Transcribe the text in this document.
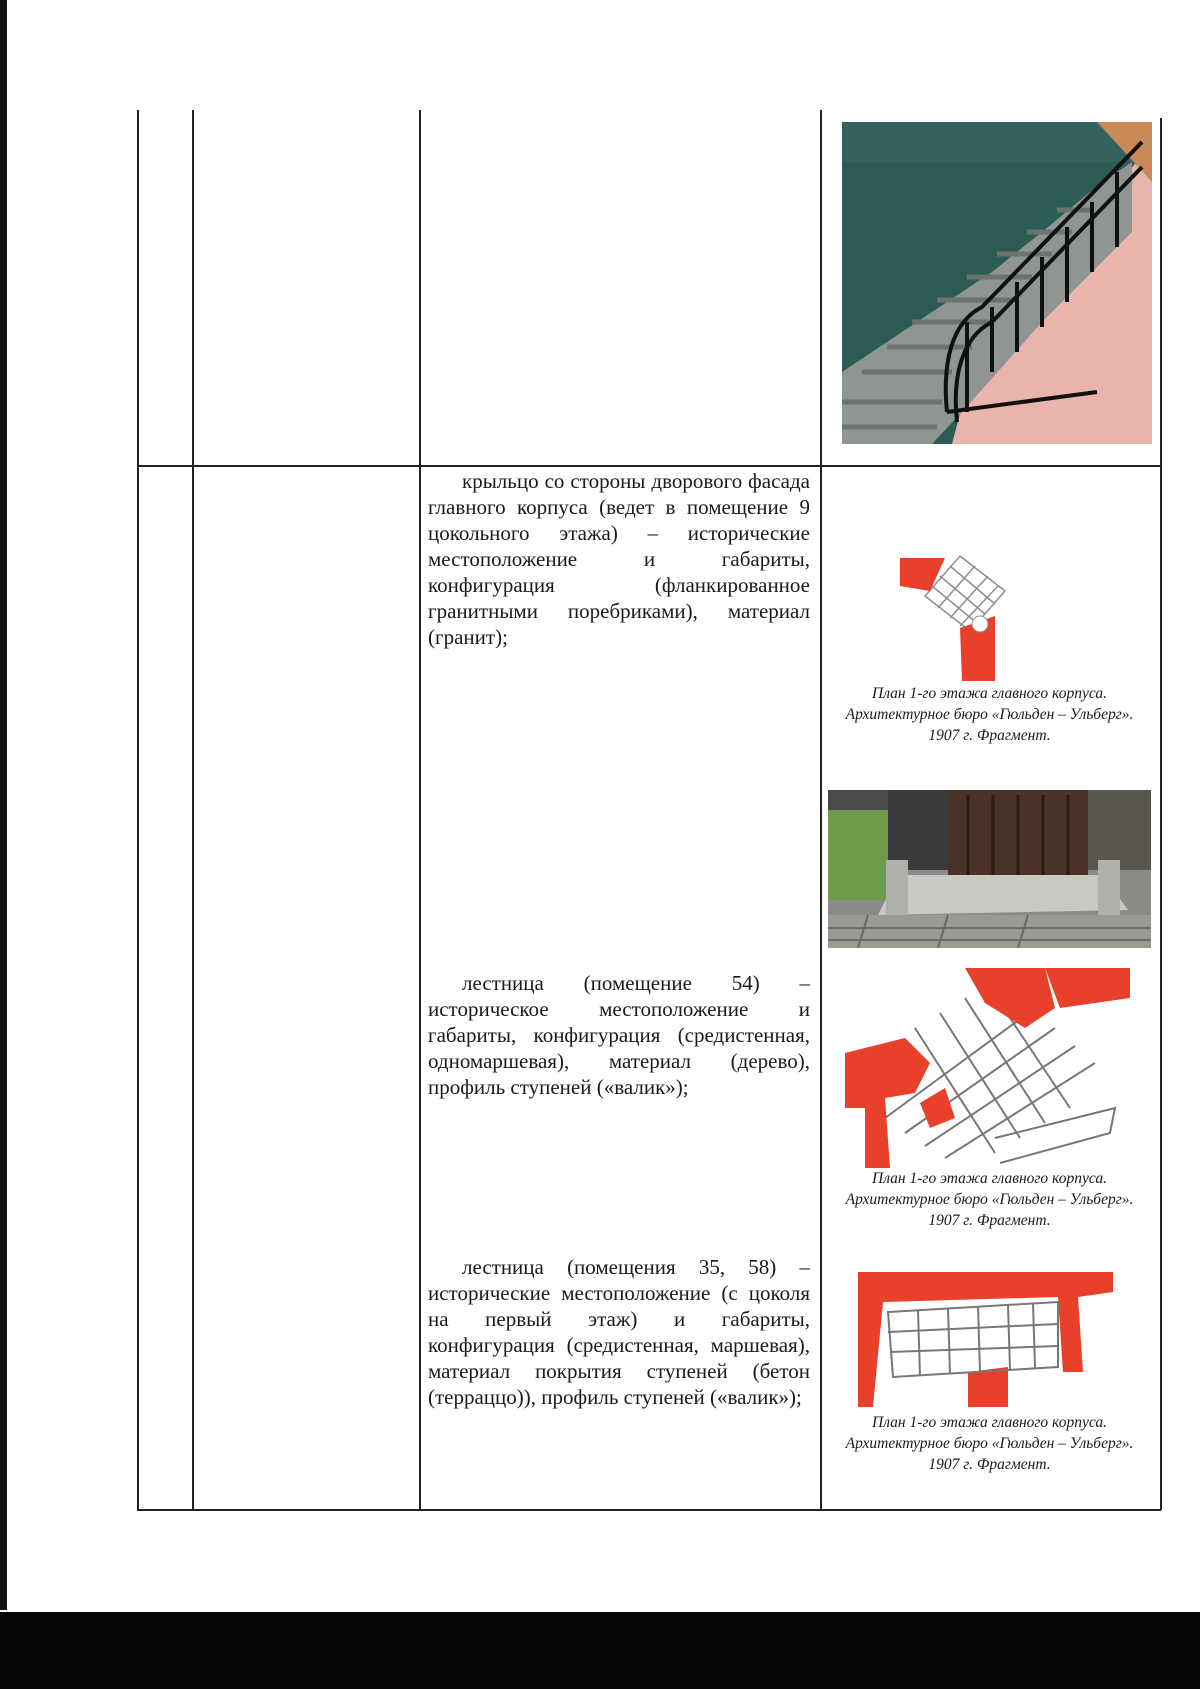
крыльцо со стороны дворового фасада главного корпуса (ведет в помещение 9 цокольного этажа) – исторические местоположение и габариты, конфигурация (фланкированное гранитными поребриками), материал (гранит);

План 1-го этажа главного корпуса. Архитектурное бюро «Гюльден – Ульберг». 1907 г. Фрагмент.

лестница (помещение 54) – историческое местоположение и габариты, конфигурация (средистенная, одномаршевая), материал (дерево), профиль ступеней («валик»);

План 1-го этажа главного корпуса. Архитектурное бюро «Гюльден – Ульберг». 1907 г. Фрагмент.

лестница (помещения 35, 58) – исторические местоположение (с цоколя на первый этаж) и габариты, конфигурация (средистенная, маршевая), материал покрытия ступеней (бетон (терраццо)), профиль ступеней («валик»);

План 1-го этажа главного корпуса. Архитектурное бюро «Гюльден – Ульберг». 1907 г. Фрагмент.
